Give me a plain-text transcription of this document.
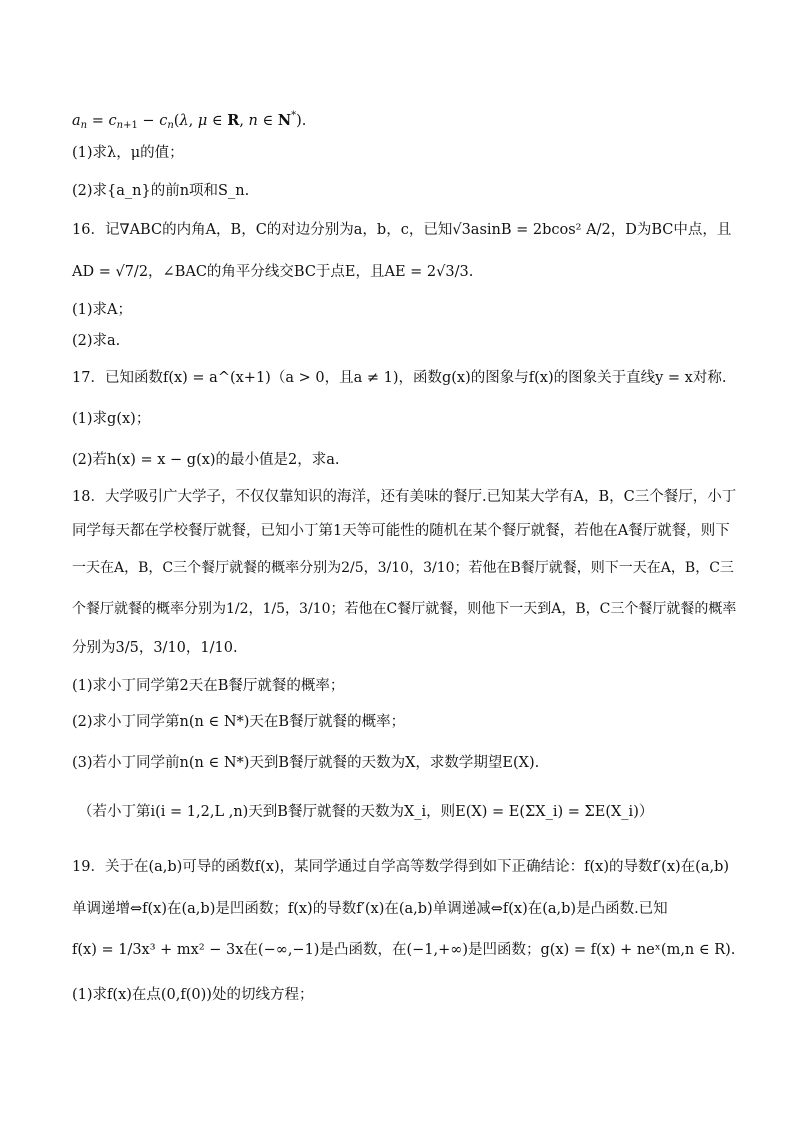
$a_n = c_{n+1} - c_n(\lambda$, μ ∈ R, n ∈ N*).
(1)求λ，μ的值；
(2)求{a_n}的前n项和S_n.
16．记∇ABC的内角A，B，C的对边分别为a，b，c，已知√3asinB = 2bcos² A/2，D为BC中点，且
AD = √7/2，∠BAC的角平分线交BC于点E，且AE = 2√3/3.
(1)求A；
(2)求a.
17．已知函数f(x) = a^(x+1)（a > 0，且a ≠ 1)，函数g(x)的图象与f(x)的图象关于直线y = x对称.
(1)求g(x)；
(2)若h(x) = x − g(x)的最小值是2，求a.
18．大学吸引广大学子，不仅仅靠知识的海洋，还有美味的餐厅.已知某大学有A，B，C三个餐厅，小丁
同学每天都在学校餐厅就餐，已知小丁第1天等可能性的随机在某个餐厅就餐，若他在A餐厅就餐，则下
一天在A，B，C三个餐厅就餐的概率分别为2/5，3/10，3/10；若他在B餐厅就餐，则下一天在A，B，C三
个餐厅就餐的概率分别为1/2，1/5，3/10；若他在C餐厅就餐，则他下一天到A，B，C三个餐厅就餐的概率
分别为3/5，3/10，1/10.
(1)求小丁同学第2天在B餐厅就餐的概率；
(2)求小丁同学第n(n ∈ N*)天在B餐厅就餐的概率；
(3)若小丁同学前n(n ∈ N*)天到B餐厅就餐的天数为X，求数学期望E(X).
（若小丁第i(i = 1,2,L ,n)天到B餐厅就餐的天数为X_i，则E(X) = E(ΣX_i) = ΣE(X_i)）
19．关于在(a,b)可导的函数f(x)，某同学通过自学高等数学得到如下正确结论：f(x)的导数f′(x)在(a,b)
单调递增⇔f(x)在(a,b)是凹函数；f(x)的导数f′(x)在(a,b)单调递减⇔f(x)在(a,b)是凸函数.已知
f(x) = 1/3x³ + mx² − 3x在(−∞,−1)是凸函数，在(−1,+∞)是凹函数；g(x) = f(x) + neˣ(m,n ∈ R).
(1)求f(x)在点(0,f(0))处的切线方程；
